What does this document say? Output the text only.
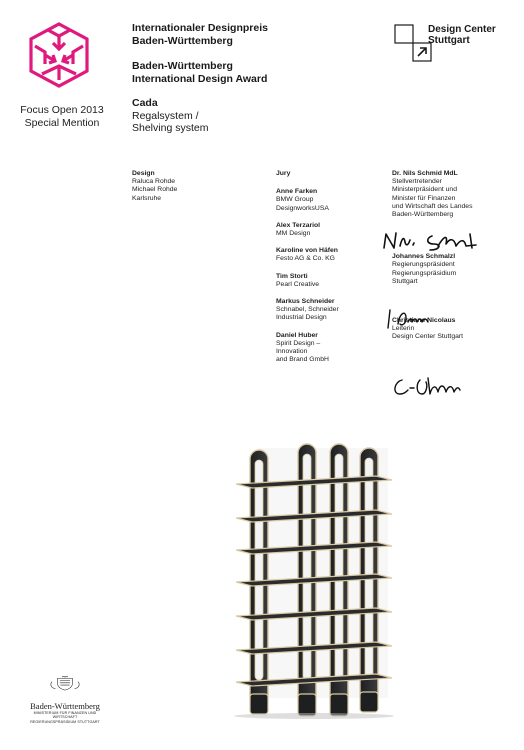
Focus Open 2013
Special Mention
Internationaler Designpreis
Baden-Württemberg
Baden-Württemberg
International Design Award
Cada
Regalsystem /
Shelving system
Design Center
Stuttgart
Design
Raluca Rohde
Michael Rohde
Karlsruhe
Jury
Anne Farken
BMW Group
DesignworksUSA
Alex Terzariol
MM Design
Karoline von Häfen
Festo AG & Co. KG
Tim Storti
Pearl Creative
Markus Schneider
Schnabel, Schneider
Industrial Design
Daniel Huber
Spirit Design –
Innovation
and Brand GmbH
Dr. Nils Schmid MdL
Stellvertretender
Ministerpräsident und
Minister für Finanzen
und Wirtschaft des Landes
Baden-Württemberg
Johannes Schmalzl
Regierungspräsident
Regierungspräsidium
Stuttgart
Christiane Nicolaus
Leiterin
Design Center Stuttgart
Baden-Württemberg
MINISTERIUM FÜR FINANZEN UND WIRTSCHAFT
REGIERUNGSPRÄSIDIUM STUTTGART
